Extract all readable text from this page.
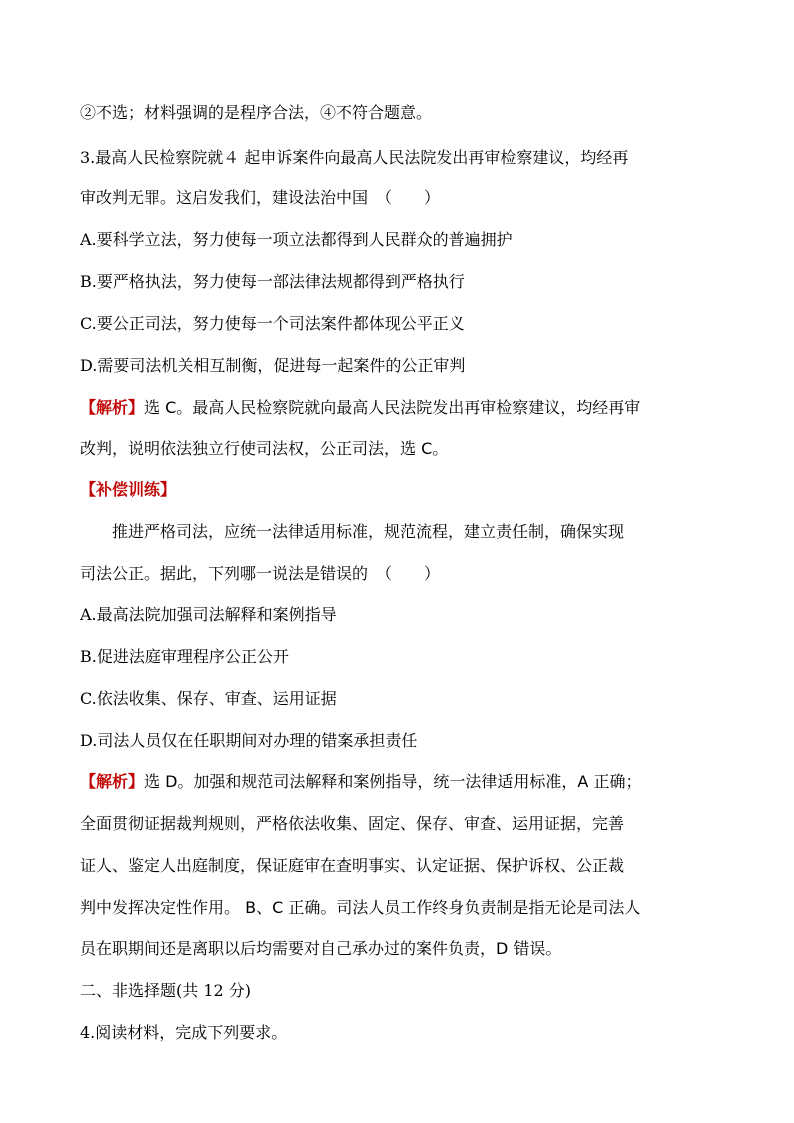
②不选；材料强调的是程序合法，④不符合题意。
3.最高人民检察院就４ 起申诉案件向最高人民法院发出再审检察建议，均经再
审改判无罪。这启发我们，建设法治中国　（　　）
A.要科学立法，努力使每一项立法都得到人民群众的普遍拥护
B.要严格执法，努力使每一部法律法规都得到严格执行
C.要公正司法，努力使每一个司法案件都体现公平正义
D.需要司法机关相互制衡，促进每一起案件的公正审判
【解析】选 C。最高人民检察院就向最高人民法院发出再审检察建议，均经再审
改判，说明依法独立行使司法权，公正司法，选 C。
【补偿训练】
推进严格司法，应统一法律适用标准，规范流程，建立责任制，确保实现
司法公正。据此，下列哪一说法是错误的　（　　）
A.最高法院加强司法解释和案例指导
B.促进法庭审理程序公正公开
C.依法收集、保存、审查、运用证据
D.司法人员仅在任职期间对办理的错案承担责任
【解析】选 D。加强和规范司法解释和案例指导，统一法律适用标准，A 正确；
全面贯彻证据裁判规则，严格依法收集、固定、保存、审查、运用证据，完善
证人、鉴定人出庭制度，保证庭审在查明事实、认定证据、保护诉权、公正裁
判中发挥决定性作用。 B、C 正确。司法人员工作终身负责制是指无论是司法人
员在职期间还是离职以后均需要对自己承办过的案件负责，D 错误。
二、非选择题(共 12 分)
4.阅读材料，完成下列要求。
